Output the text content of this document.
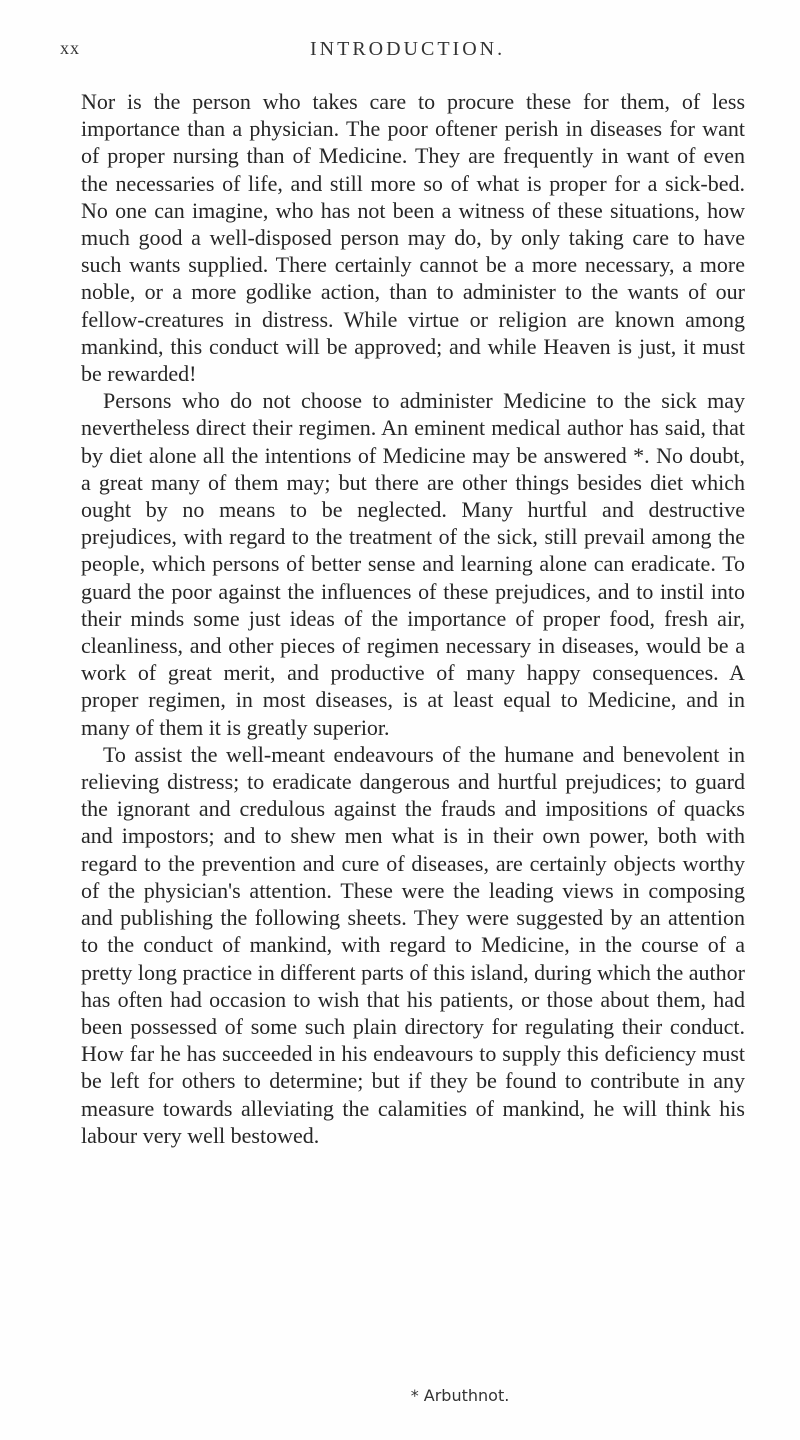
xx	INTRODUCTION.

Nor is the person who takes care to procure these for them, of less importance than a physician. The poor oftener perish in diseases for want of proper nursing than of Medicine. They are frequently in want of even the necessaries of life, and still more so of what is proper for a sick-bed. No one can imagine, who has not been a witness of these situations, how much good a well-disposed person may do, by only taking care to have such wants supplied. There certainly cannot be a more necessary, a more noble, or a more godlike action, than to administer to the wants of our fellow-creatures in distress. While virtue or religion are known among mankind, this conduct will be approved; and while Heaven is just, it must be rewarded!

Persons who do not choose to administer Medicine to the sick may nevertheless direct their regimen. An eminent medical author has said, that by diet alone all the intentions of Medicine may be answered *. No doubt, a great many of them may; but there are other things besides diet which ought by no means to be neglected. Many hurtful and destructive prejudices, with regard to the treatment of the sick, still prevail among the people, which persons of better sense and learning alone can eradicate. To guard the poor against the influences of these prejudices, and to instil into their minds some just ideas of the importance of proper food, fresh air, cleanliness, and other pieces of regimen necessary in diseases, would be a work of great merit, and productive of many happy consequences. A proper regimen, in most diseases, is at least equal to Medicine, and in many of them it is greatly superior.

To assist the well-meant endeavours of the humane and benevolent in relieving distress; to eradicate dangerous and hurtful prejudices; to guard the ignorant and credulous against the frauds and impositions of quacks and impostors; and to shew men what is in their own power, both with regard to the prevention and cure of diseases, are certainly objects worthy of the physician's attention. These were the leading views in composing and publishing the following sheets. They were suggested by an attention to the conduct of mankind, with regard to Medicine, in the course of a pretty long practice in different parts of this island, during which the author has often had occasion to wish that his patients, or those about them, had been possessed of some such plain directory for regulating their conduct. How far he has succeeded in his endeavours to supply this deficiency must be left for others to determine; but if they be found to contribute in any measure towards alleviating the calamities of mankind, he will think his labour very well bestowed.

* Arbuthnot.
